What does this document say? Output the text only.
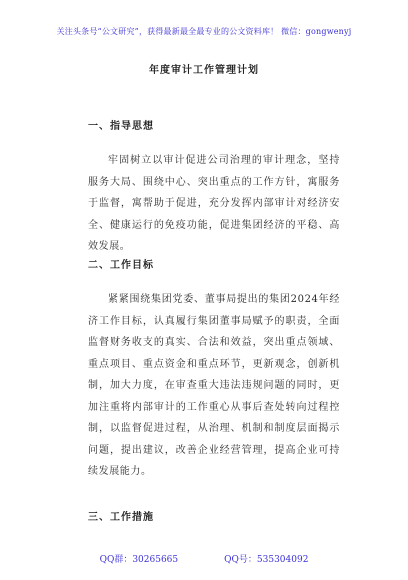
关注头条号“公文研究”，获得最新最全最专业的公文资料库！ 微信：gongwenyj
年度审计工作管理计划
一、指导思想
牢固树立以审计促进公司治理的审计理念，坚持服务大局、围绕中心、突出重点的工作方针，寓服务于监督，寓帮助于促进，充分发挥内部审计对经济安全、健康运行的免疫功能，促进集团经济的平稳、高效发展。
二、工作目标
紧紧围绕集团党委、董事局提出的集团2024年经济工作目标，认真履行集团董事局赋予的职责，全面监督财务收支的真实、合法和效益，突出重点领域、重点项目、重点资金和重点环节，更新观念，创新机制，加大力度，在审查重大违法违规问题的同时，更加注重将内部审计的工作重心从事后查处转向过程控制，以监督促进过程，从治理、机制和制度层面揭示问题，提出建议，改善企业经营管理，提高企业可持续发展能力。
三、工作措施
QQ群：30265665	QQ号：535304092
